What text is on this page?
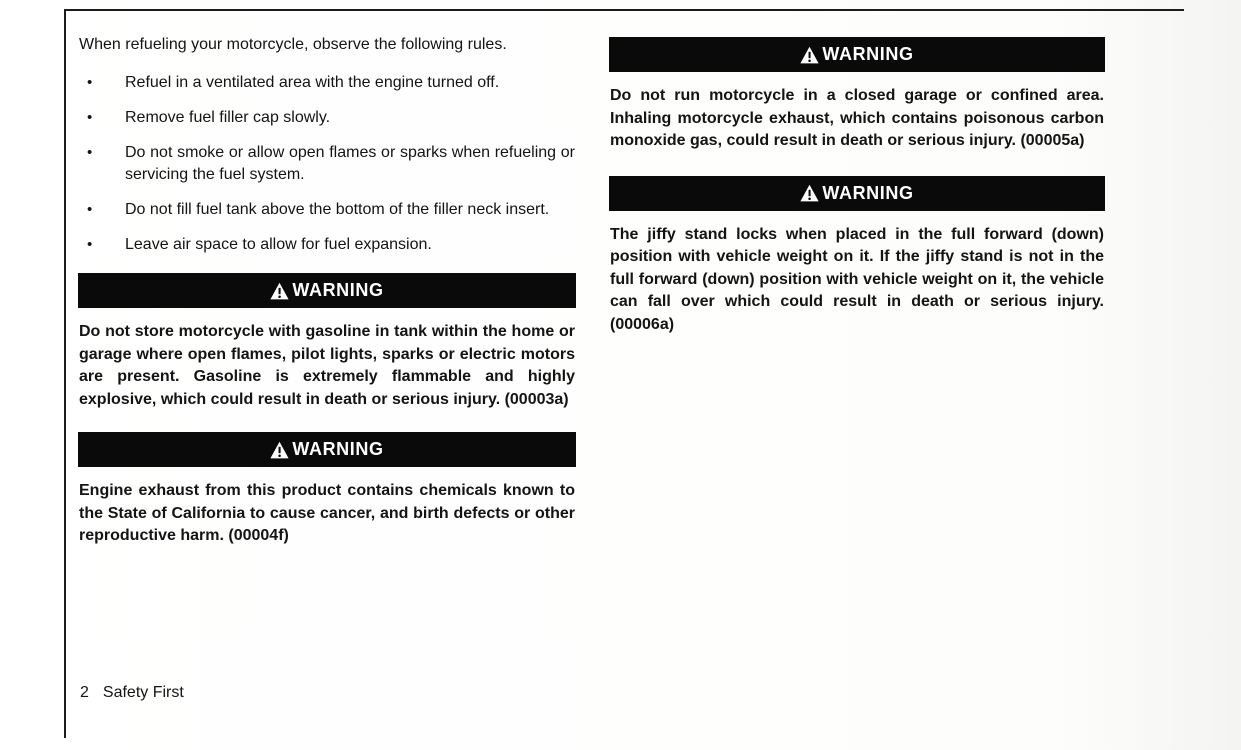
When refueling your motorcycle, observe the following rules.

•	Refuel in a ventilated area with the engine turned off.
•	Remove fuel filler cap slowly.
•	Do not smoke or allow open flames or sparks when refueling or servicing the fuel system.
•	Do not fill fuel tank above the bottom of the filler neck insert.
•	Leave air space to allow for fuel expansion.
WARNING

Do not store motorcycle with gasoline in tank within the home or garage where open flames, pilot lights, sparks or electric motors are present. Gasoline is extremely flammable and highly explosive, which could result in death or serious injury. (00003a)

WARNING

Engine exhaust from this product contains chemicals known to the State of California to cause cancer, and birth defects or other reproductive harm. (00004f)

WARNING

Do not run motorcycle in a closed garage or confined area. Inhaling motorcycle exhaust, which contains poisonous carbon monoxide gas, could result in death or serious injury. (00005a)

WARNING

The jiffy stand locks when placed in the full forward (down) position with vehicle weight on it. If the jiffy stand is not in the full forward (down) position with vehicle weight on it, the vehicle can fall over which could result in death or serious injury. (00006a)

2 Safety First
